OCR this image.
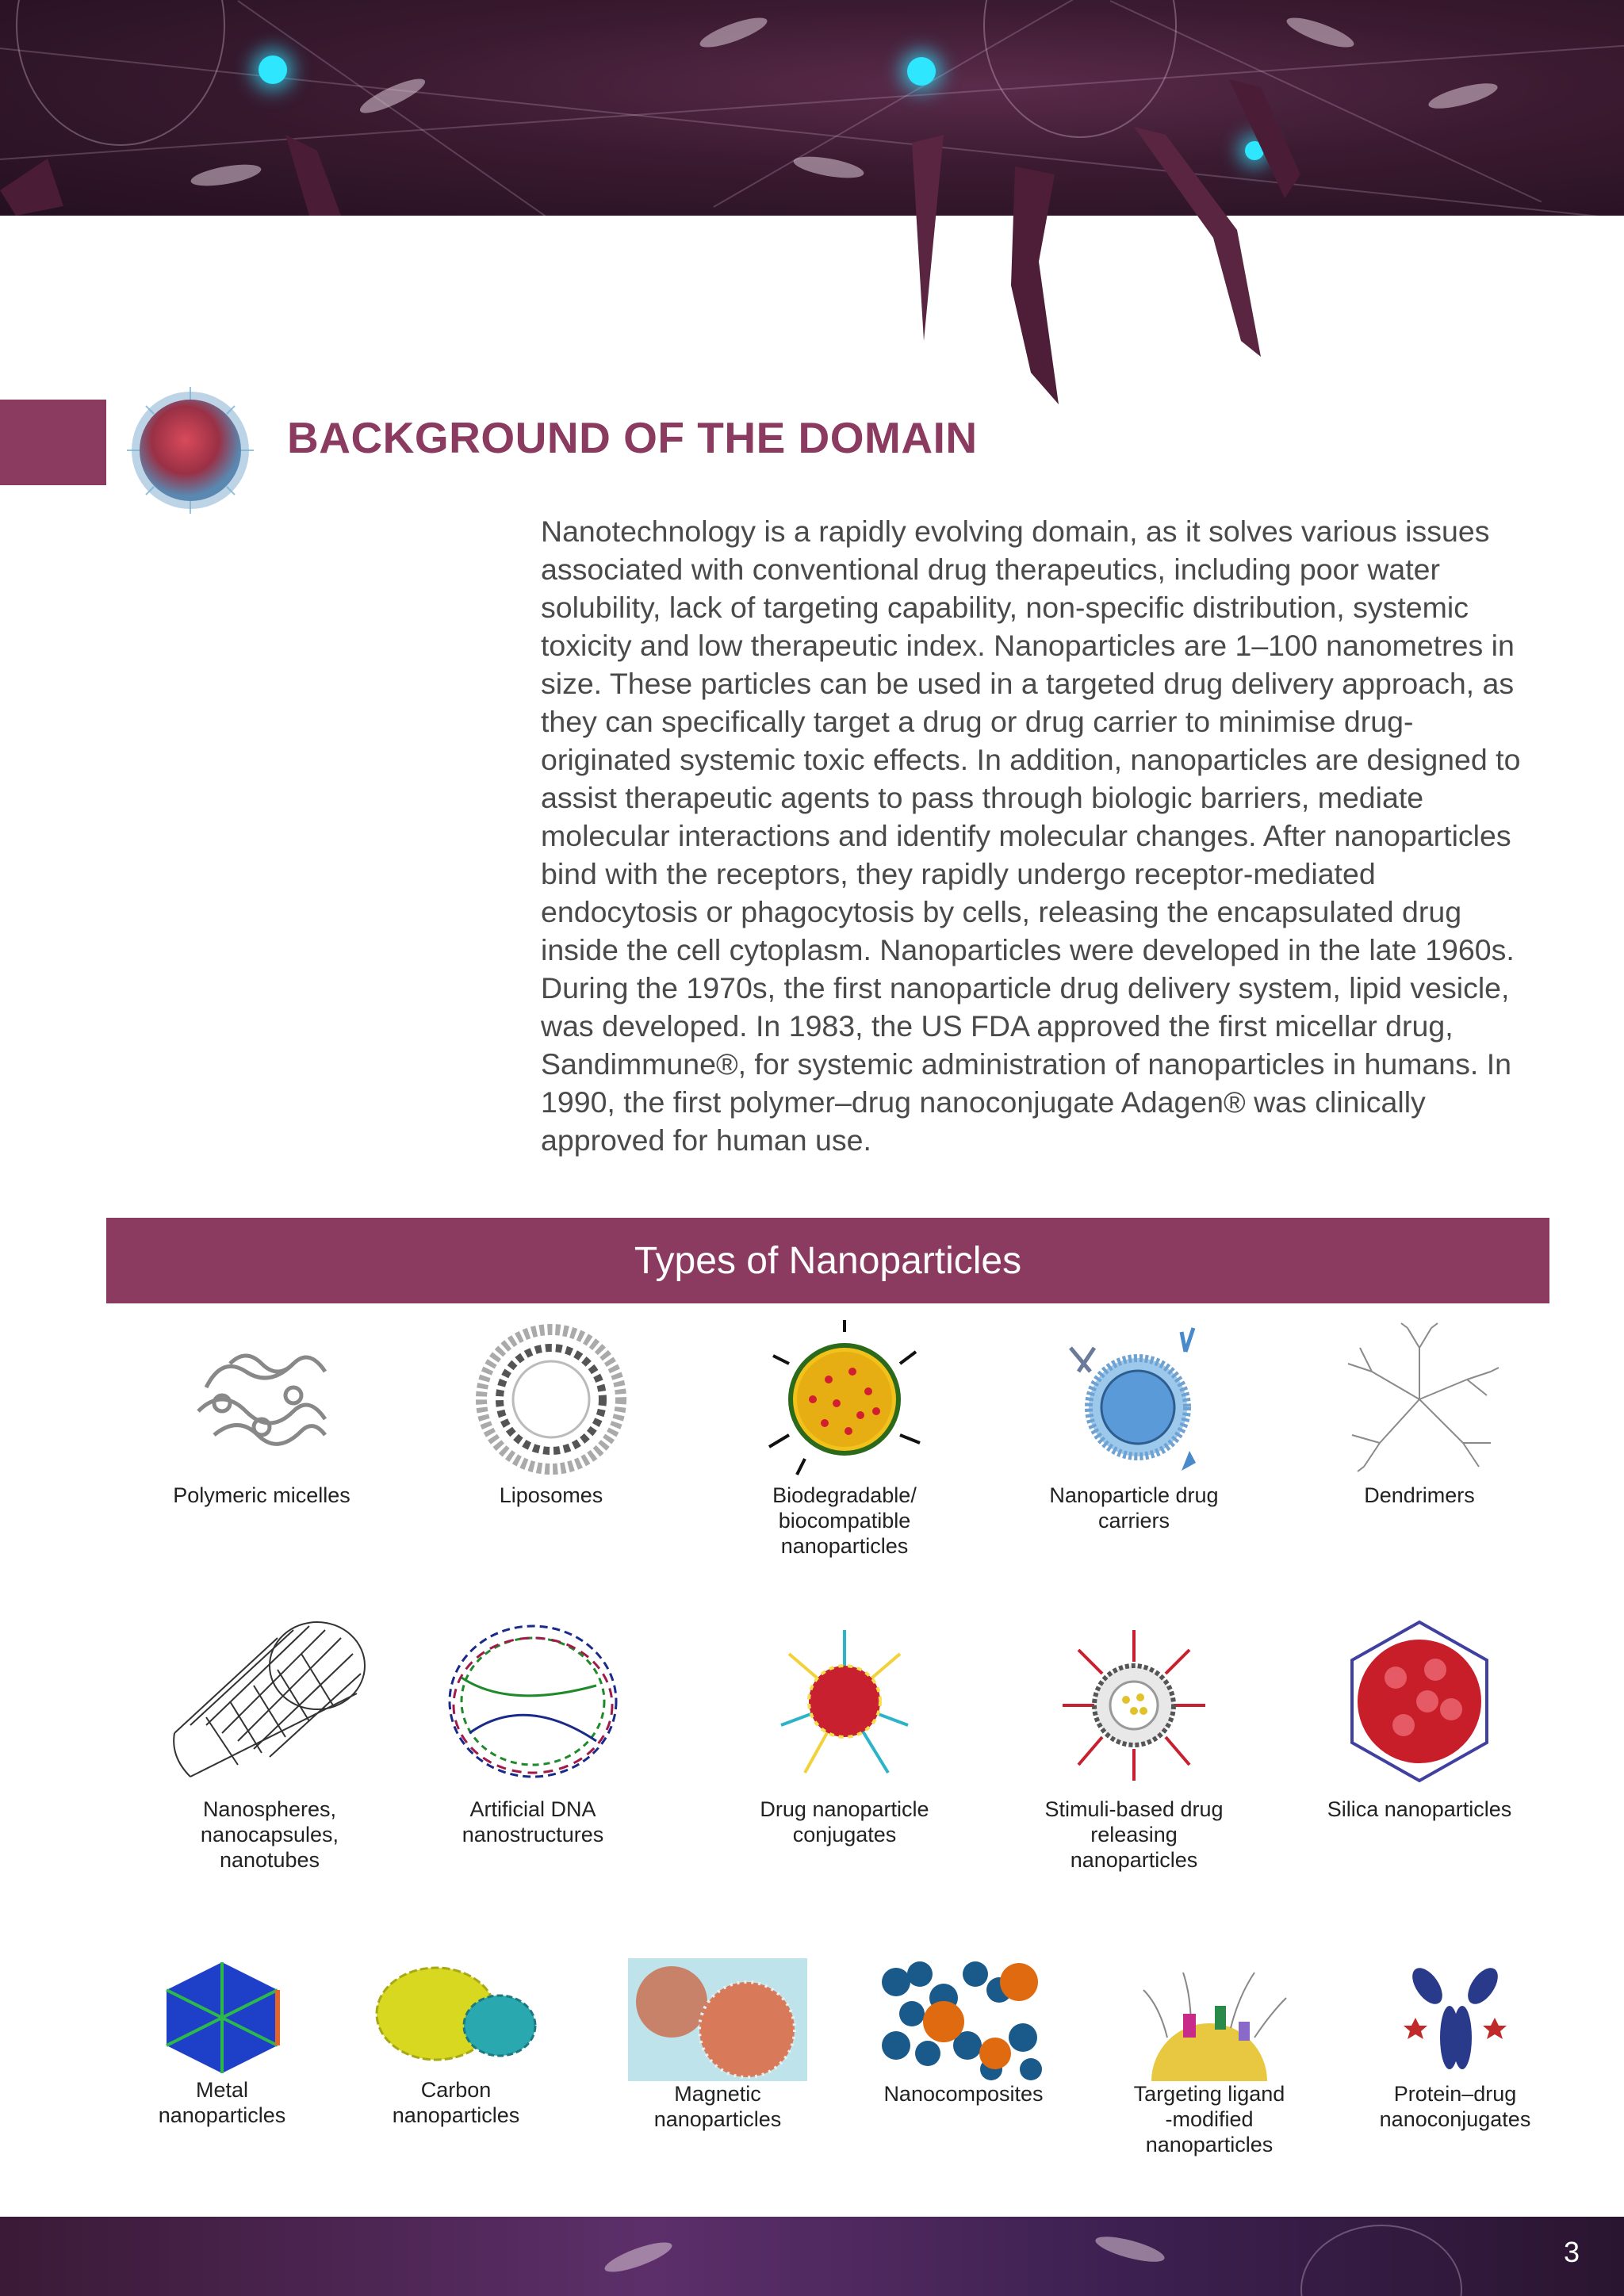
BACKGROUND OF THE DOMAIN

Nanotechnology is a rapidly evolving domain, as it solves various issues associated with conventional drug therapeutics, including poor water solubility, lack of targeting capability, non-specific distribution, systemic toxicity and low therapeutic index. Nanoparticles are 1–100 nanometres in size. These particles can be used in a targeted drug delivery approach, as they can specifically target a drug or drug carrier to minimise drug-originated systemic toxic effects. In addition, nanoparticles are designed to assist therapeutic agents to pass through biologic barriers, mediate molecular interactions and identify molecular changes. After nanoparticles bind with the receptors, they rapidly undergo receptor-mediated endocytosis or phagocytosis by cells, releasing the encapsulated drug inside the cell cytoplasm. Nanoparticles were developed in the late 1960s. During the 1970s, the first nanoparticle drug delivery system, lipid vesicle, was developed. In 1983, the US FDA approved the first micellar drug, Sandimmune®, for systemic administration of nanoparticles in humans. In 1990, the first polymer–drug nanoconjugate Adagen® was clinically approved for human use.

Types of Nanoparticles
Polymeric micelles	Liposomes	Biodegradable/
biocompatible
nanoparticles
Nanoparticle drug
carriers
Dendrimers
Nanospheres,
nanocapsules,
nanotubes
Artificial DNA
nanostructures
Drug nanoparticle
conjugates
Stimuli-based drug
releasing
nanoparticles
Silica nanoparticles
Metal
nanoparticles
Carbon
nanoparticles
Magnetic
nanoparticles
Nanocomposites	Targeting ligand
-modified
nanoparticles
Protein–drug
nanoconjugates
3
